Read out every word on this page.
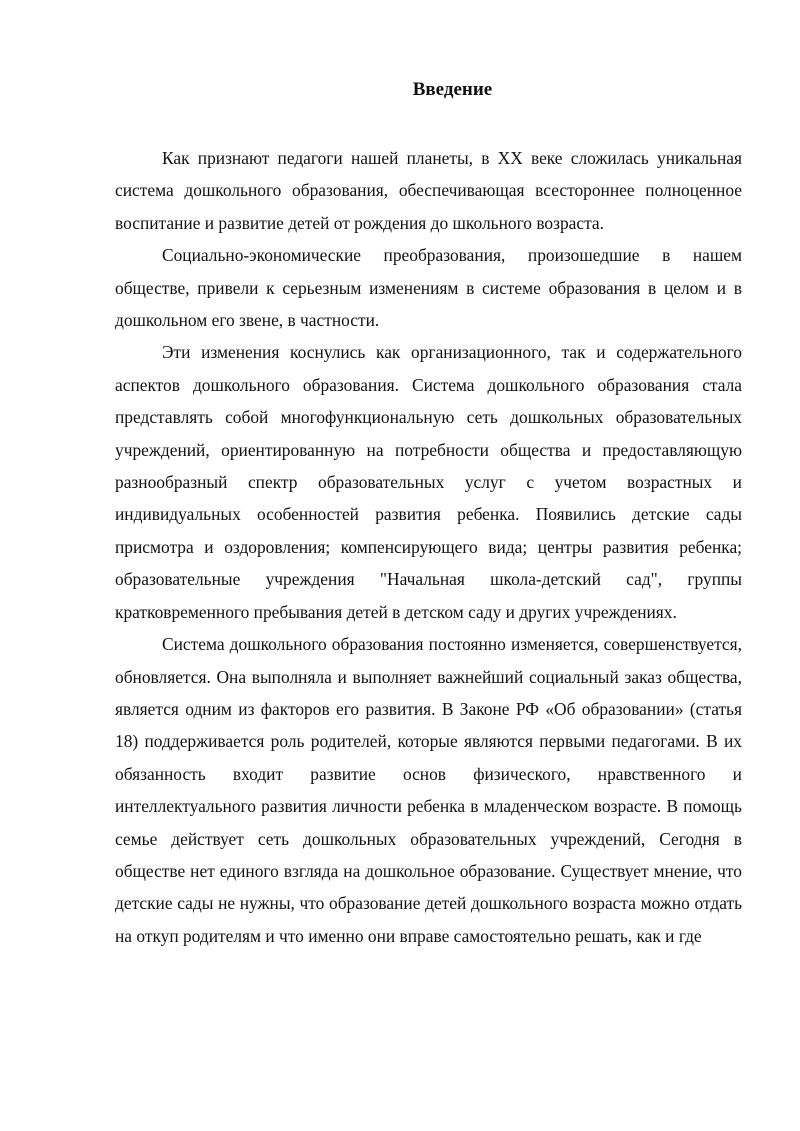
Введение

Как признают педагоги нашей планеты, в XX веке сложилась уникальная система дошкольного образования, обеспечивающая всестороннее полноценное воспитание и развитие детей от рождения до школьного возраста.

Социально-экономические преобразования, произошедшие в нашем обществе, привели к серьезным изменениям в системе образования в целом и в дошкольном его звене, в частности.

Эти изменения коснулись как организационного, так и содержательного аспектов дошкольного образования. Система дошкольного образования стала представлять собой многофункциональную сеть дошкольных образовательных учреждений, ориентированную на потребности общества и предоставляющую разнообразный спектр образовательных услуг с учетом возрастных и индивидуальных особенностей развития ребенка. Появились детские сады присмотра и оздоровления; компенсирующего вида; центры развития ребенка; образовательные учреждения "Начальная школа-детский сад", группы кратковременного пребывания детей в детском саду и других учреждениях.

Система дошкольного образования постоянно изменяется, совершенствуется, обновляется. Она выполняла и выполняет важнейший социальный заказ общества, является одним из факторов его развития. В Законе РФ «Об образовании» (статья 18) поддерживается роль родителей, которые являются первыми педагогами. В их обязанность входит развитие основ физического, нравственного и интеллектуального развития личности ребенка в младенческом возрасте. В помощь семье действует сеть дошкольных образовательных учреждений, Сегодня в обществе нет единого взгляда на дошкольное образование. Существует мнение, что детские сады не нужны, что образование детей дошкольного возраста можно отдать на откуп родителям и что именно они вправе самостоятельно решать, как и где
